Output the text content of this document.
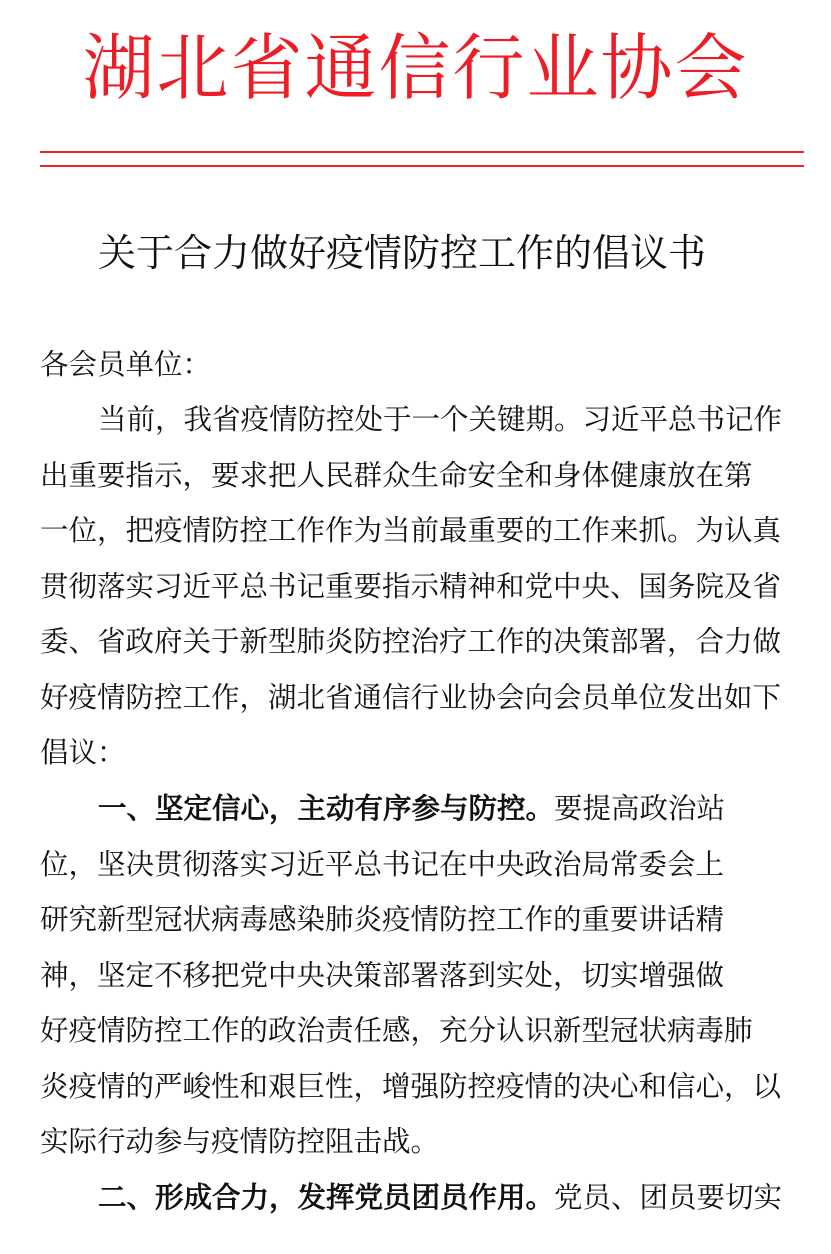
湖北省通信行业协会
关于合力做好疫情防控工作的倡议书
各会员单位：
当前，我省疫情防控处于一个关键期。习近平总书记作
出重要指示，要求把人民群众生命安全和身体健康放在第
一位，把疫情防控工作作为当前最重要的工作来抓。为认真
贯彻落实习近平总书记重要指示精神和党中央、国务院及省
委、省政府关于新型肺炎防控治疗工作的决策部署，合力做
好疫情防控工作，湖北省通信行业协会向会员单位发出如下
倡议：
一、坚定信心，主动有序参与防控。要提高政治站
位，坚决贯彻落实习近平总书记在中央政治局常委会上
研究新型冠状病毒感染肺炎疫情防控工作的重要讲话精
神，坚定不移把党中央决策部署落到实处，切实增强做
好疫情防控工作的政治责任感，充分认识新型冠状病毒肺
炎疫情的严峻性和艰巨性，增强防控疫情的决心和信心，以
实际行动参与疫情防控阻击战。
二、形成合力，发挥党员团员作用。党员、团员要切实
